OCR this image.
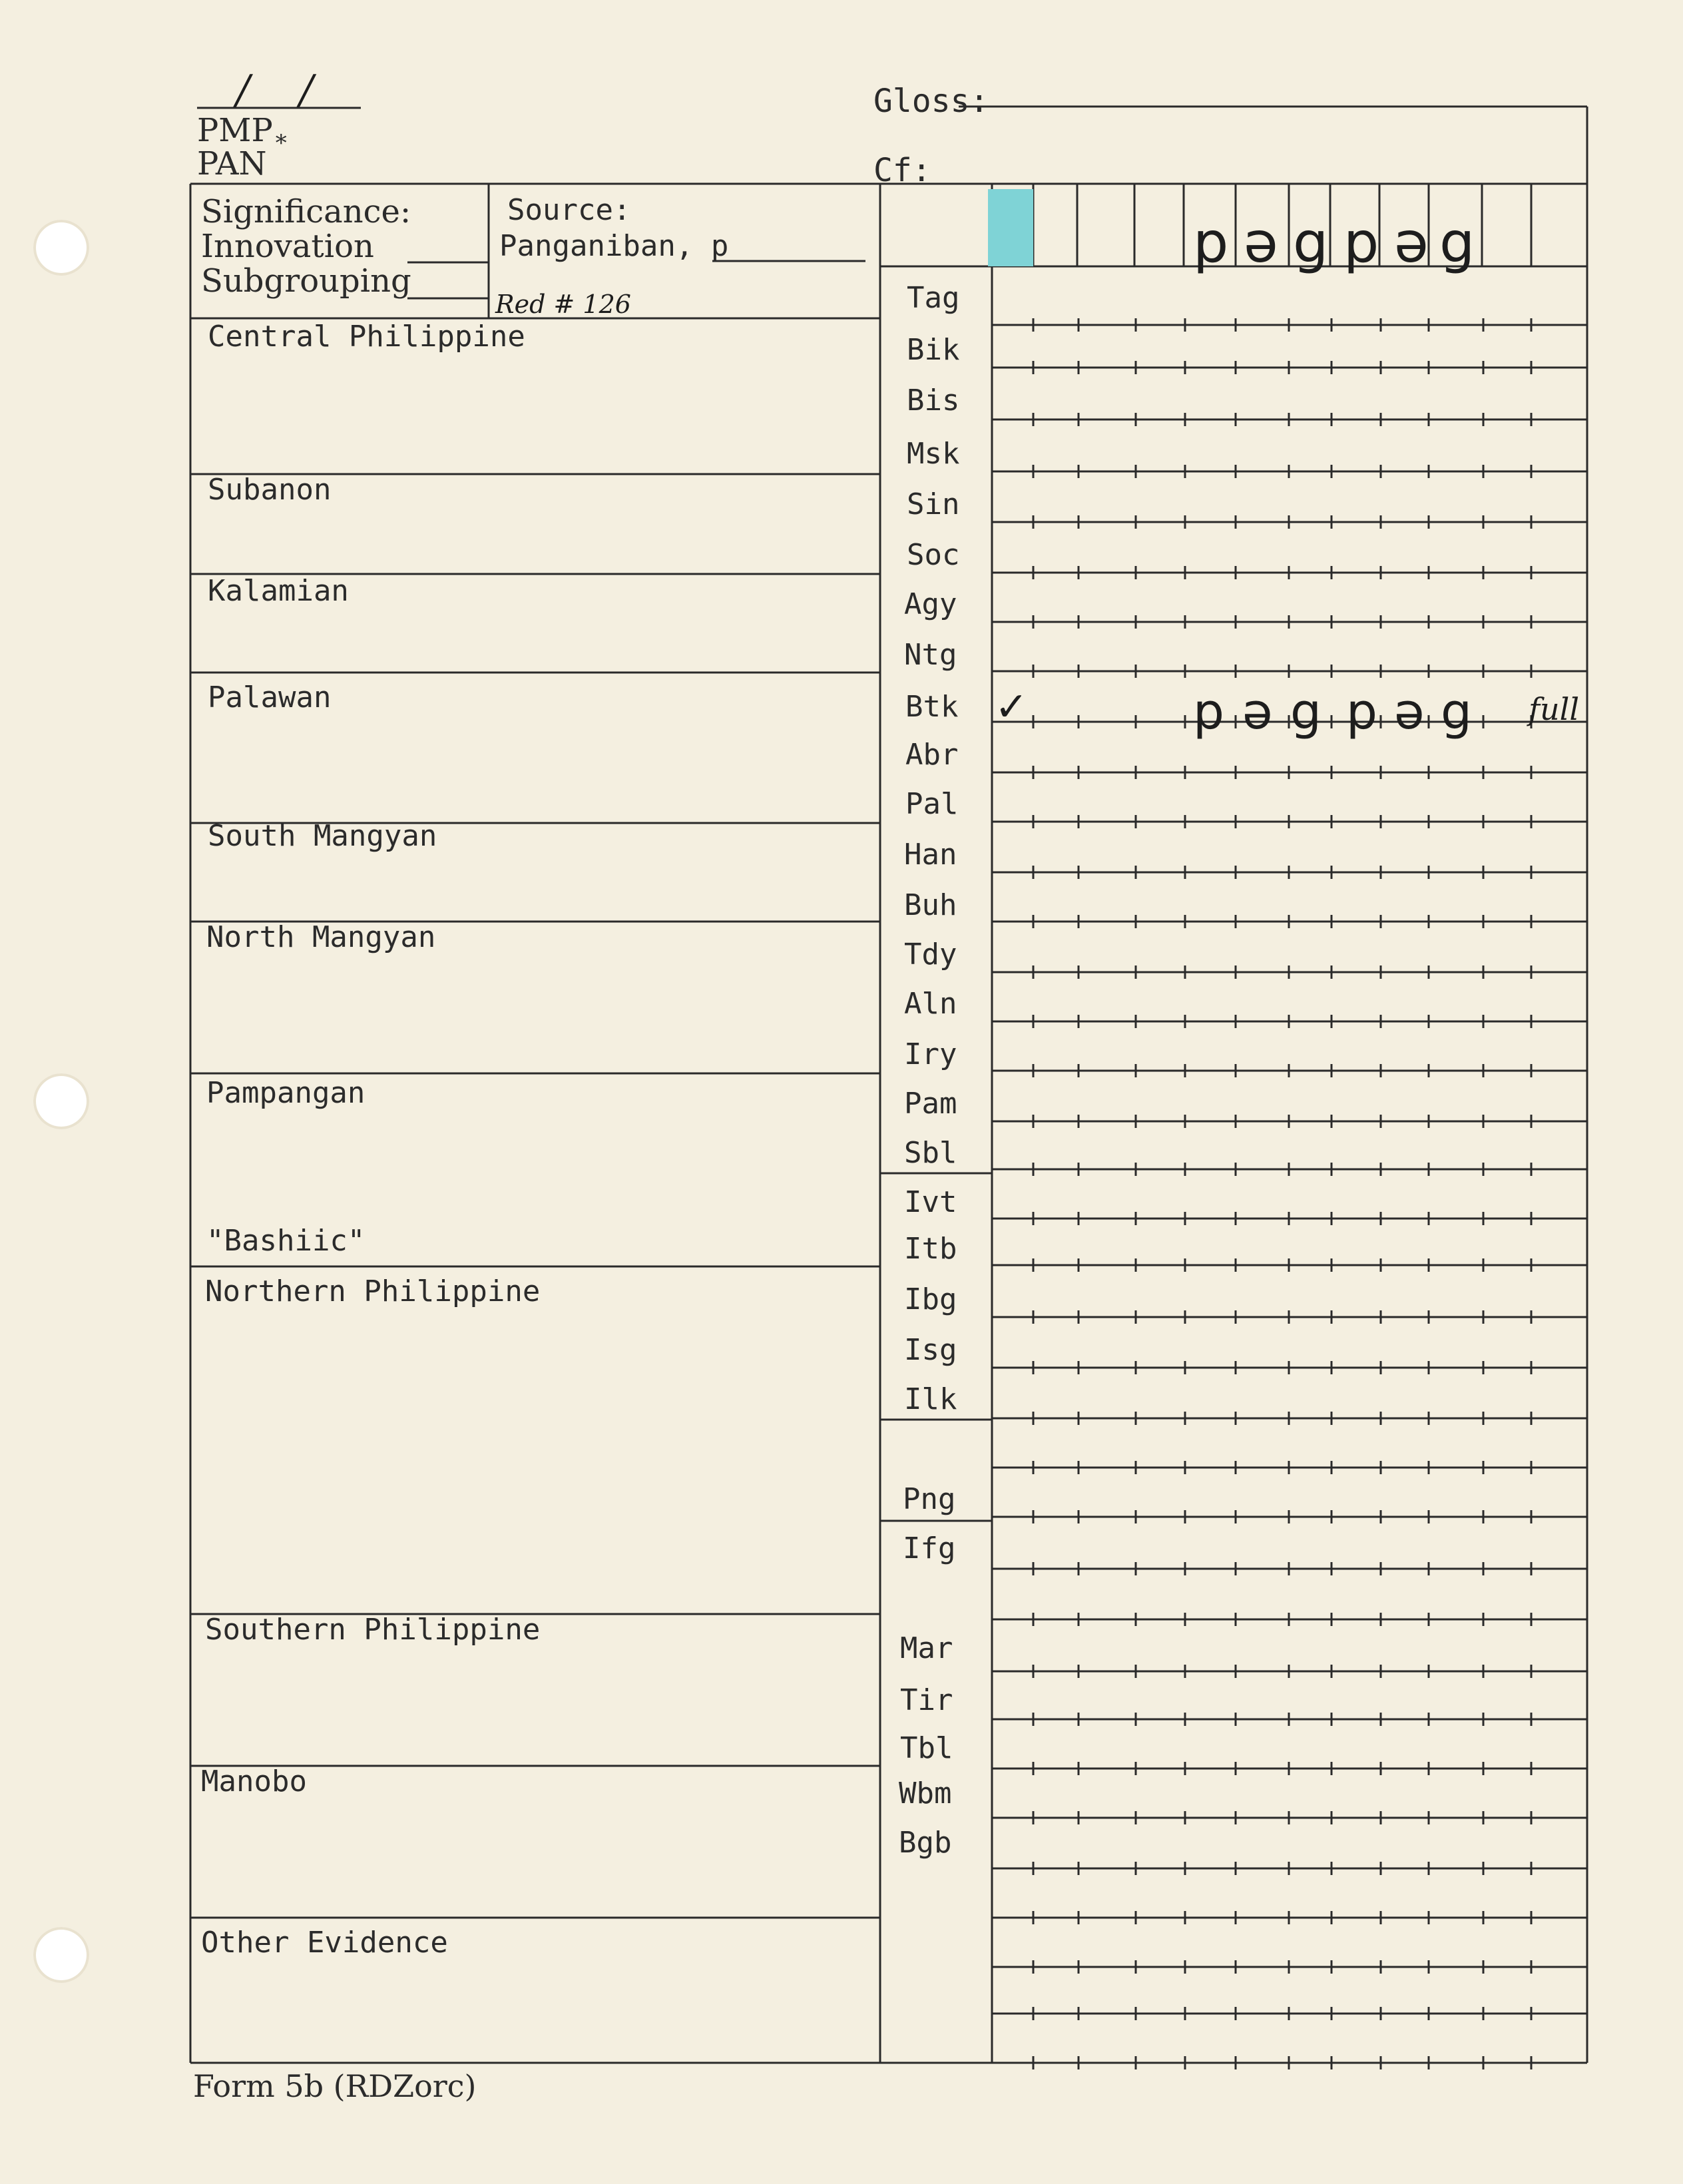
/ /
PMP $_*$
PAN
Gloss:
Cf:
Significance:
Innovation
Subgrouping
Source:
Panganiban, p
Red # 126
p ə g p ə g
Central Philippine
Subanon
Kalamian
Palawan
South Mangyan
North Mangyan
Pampangan
"Bashiic"
Northern Philippine
Southern Philippine
Manobo
Other Evidence
Tag
Bik
Bis
Msk
Sin
Soc
Agy
Ntg
Btk
Abr
Pal
Han
Buh
Tdy
Aln
Iry
Pam
Sbl
Ivt
Itb
Ibg
Isg
Ilk
Png
Ifg
Mar
Tir
Tbl
Wbm
Bgb
✓	p ə g p ə g full
Form 5b (RDZorc)
